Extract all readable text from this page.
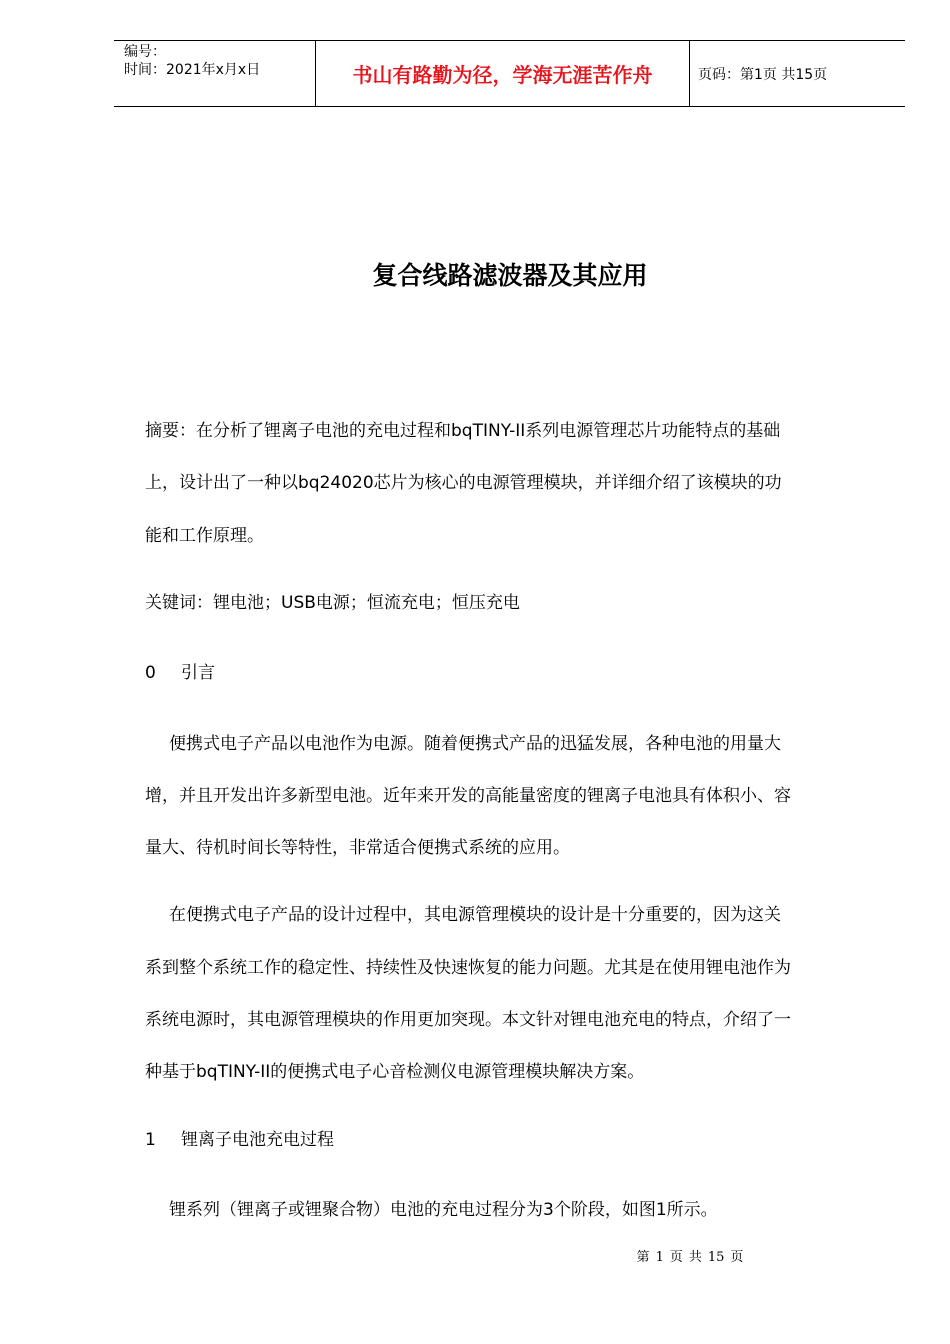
编号：
时间：2021年x月x日	书山有路勤为径，学海无涯苦作舟	页码：第1页 共15页
复合线路滤波器及其应用
摘要：在分析了锂离子电池的充电过程和bqTINY-II系列电源管理芯片功能特点的基础
上，设计出了一种以bq24020芯片为核心的电源管理模块，并详细介绍了该模块的功
能和工作原理。
关键词：锂电池；USB电源；恒流充电；恒压充电
0 引言
便携式电子产品以电池作为电源。随着便携式产品的迅猛发展，各种电池的用量大
增，并且开发出许多新型电池。近年来开发的高能量密度的锂离子电池具有体积小、容
量大、待机时间长等特性，非常适合便携式系统的应用。
在便携式电子产品的设计过程中，其电源管理模块的设计是十分重要的，因为这关
系到整个系统工作的稳定性、持续性及快速恢复的能力问题。尤其是在使用锂电池作为
系统电源时，其电源管理模块的作用更加突现。本文针对锂电池充电的特点，介绍了一
种基于bqTINY-II的便携式电子心音检测仪电源管理模块解决方案。
1 锂离子电池充电过程
锂系列（锂离子或锂聚合物）电池的充电过程分为3个阶段，如图1所示。
第 1 页 共 15 页
